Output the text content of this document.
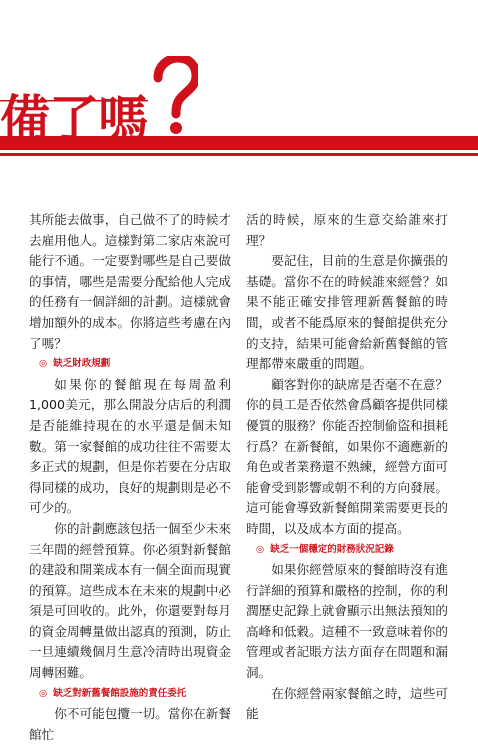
備了嗎

其所能去做事，自己做不了的時候才去雇用他人。這樣對第二家店來說可能行不通。一定要對哪些是自己要做的事情，哪些是需要分配給他人完成的任務有一個詳細的計劃。這樣就會增加額外的成本。你將這些考慮在內了嗎？

◎ 缺乏財政規劃

如果你的餐館現在每周盈利1,000美元，那么開設分店后的利潤是否能維持現在的水平還是個未知數。第一家餐館的成功往往不需要太多正式的規劃，但是你若要在分店取得同樣的成功，良好的規劃則是必不可少的。

你的計劃應該包括一個至少未來三年間的經營預算。你必須對新餐館的建設和開業成本有一個全面而現實的預算。這些成本在未來的規劃中必須是可回收的。此外，你還要對每月的資金周轉量做出認真的預測，防止一旦連續幾個月生意冷清時出現資金周轉困難。

◎ 缺乏對新舊餐館設施的責任委托

你不可能包攬一切。當你在新餐館忙

活的時候，原來的生意交給誰來打理？

要記住，目前的生意是你擴張的基礎。當你不在的時候誰來經營？如果不能正確安排管理新舊餐館的時間，或者不能爲原來的餐館提供充分的支持，結果可能會給新舊餐館的管理都帶來嚴重的問題。

顧客對你的缺席是否毫不在意？你的員工是否依然會爲顧客提供同樣優質的服務？你能否控制偷盜和損耗行爲？在新餐館，如果你不適應新的角色或者業務還不熟練，經營方面可能會受到影響或朝不利的方向發展。這可能會導致新餐館開業需要更長的時間，以及成本方面的提高。

◎ 缺乏一個穩定的財務狀況記錄

如果你經營原來的餐館時沒有進行詳細的預算和嚴格的控制，你的利潤歷史記錄上就會顯示出無法預知的高峰和低穀。這種不一致意味着你的管理或者記賬方法方面存在問題和漏洞。

在你經營兩家餐館之時，這些可能
